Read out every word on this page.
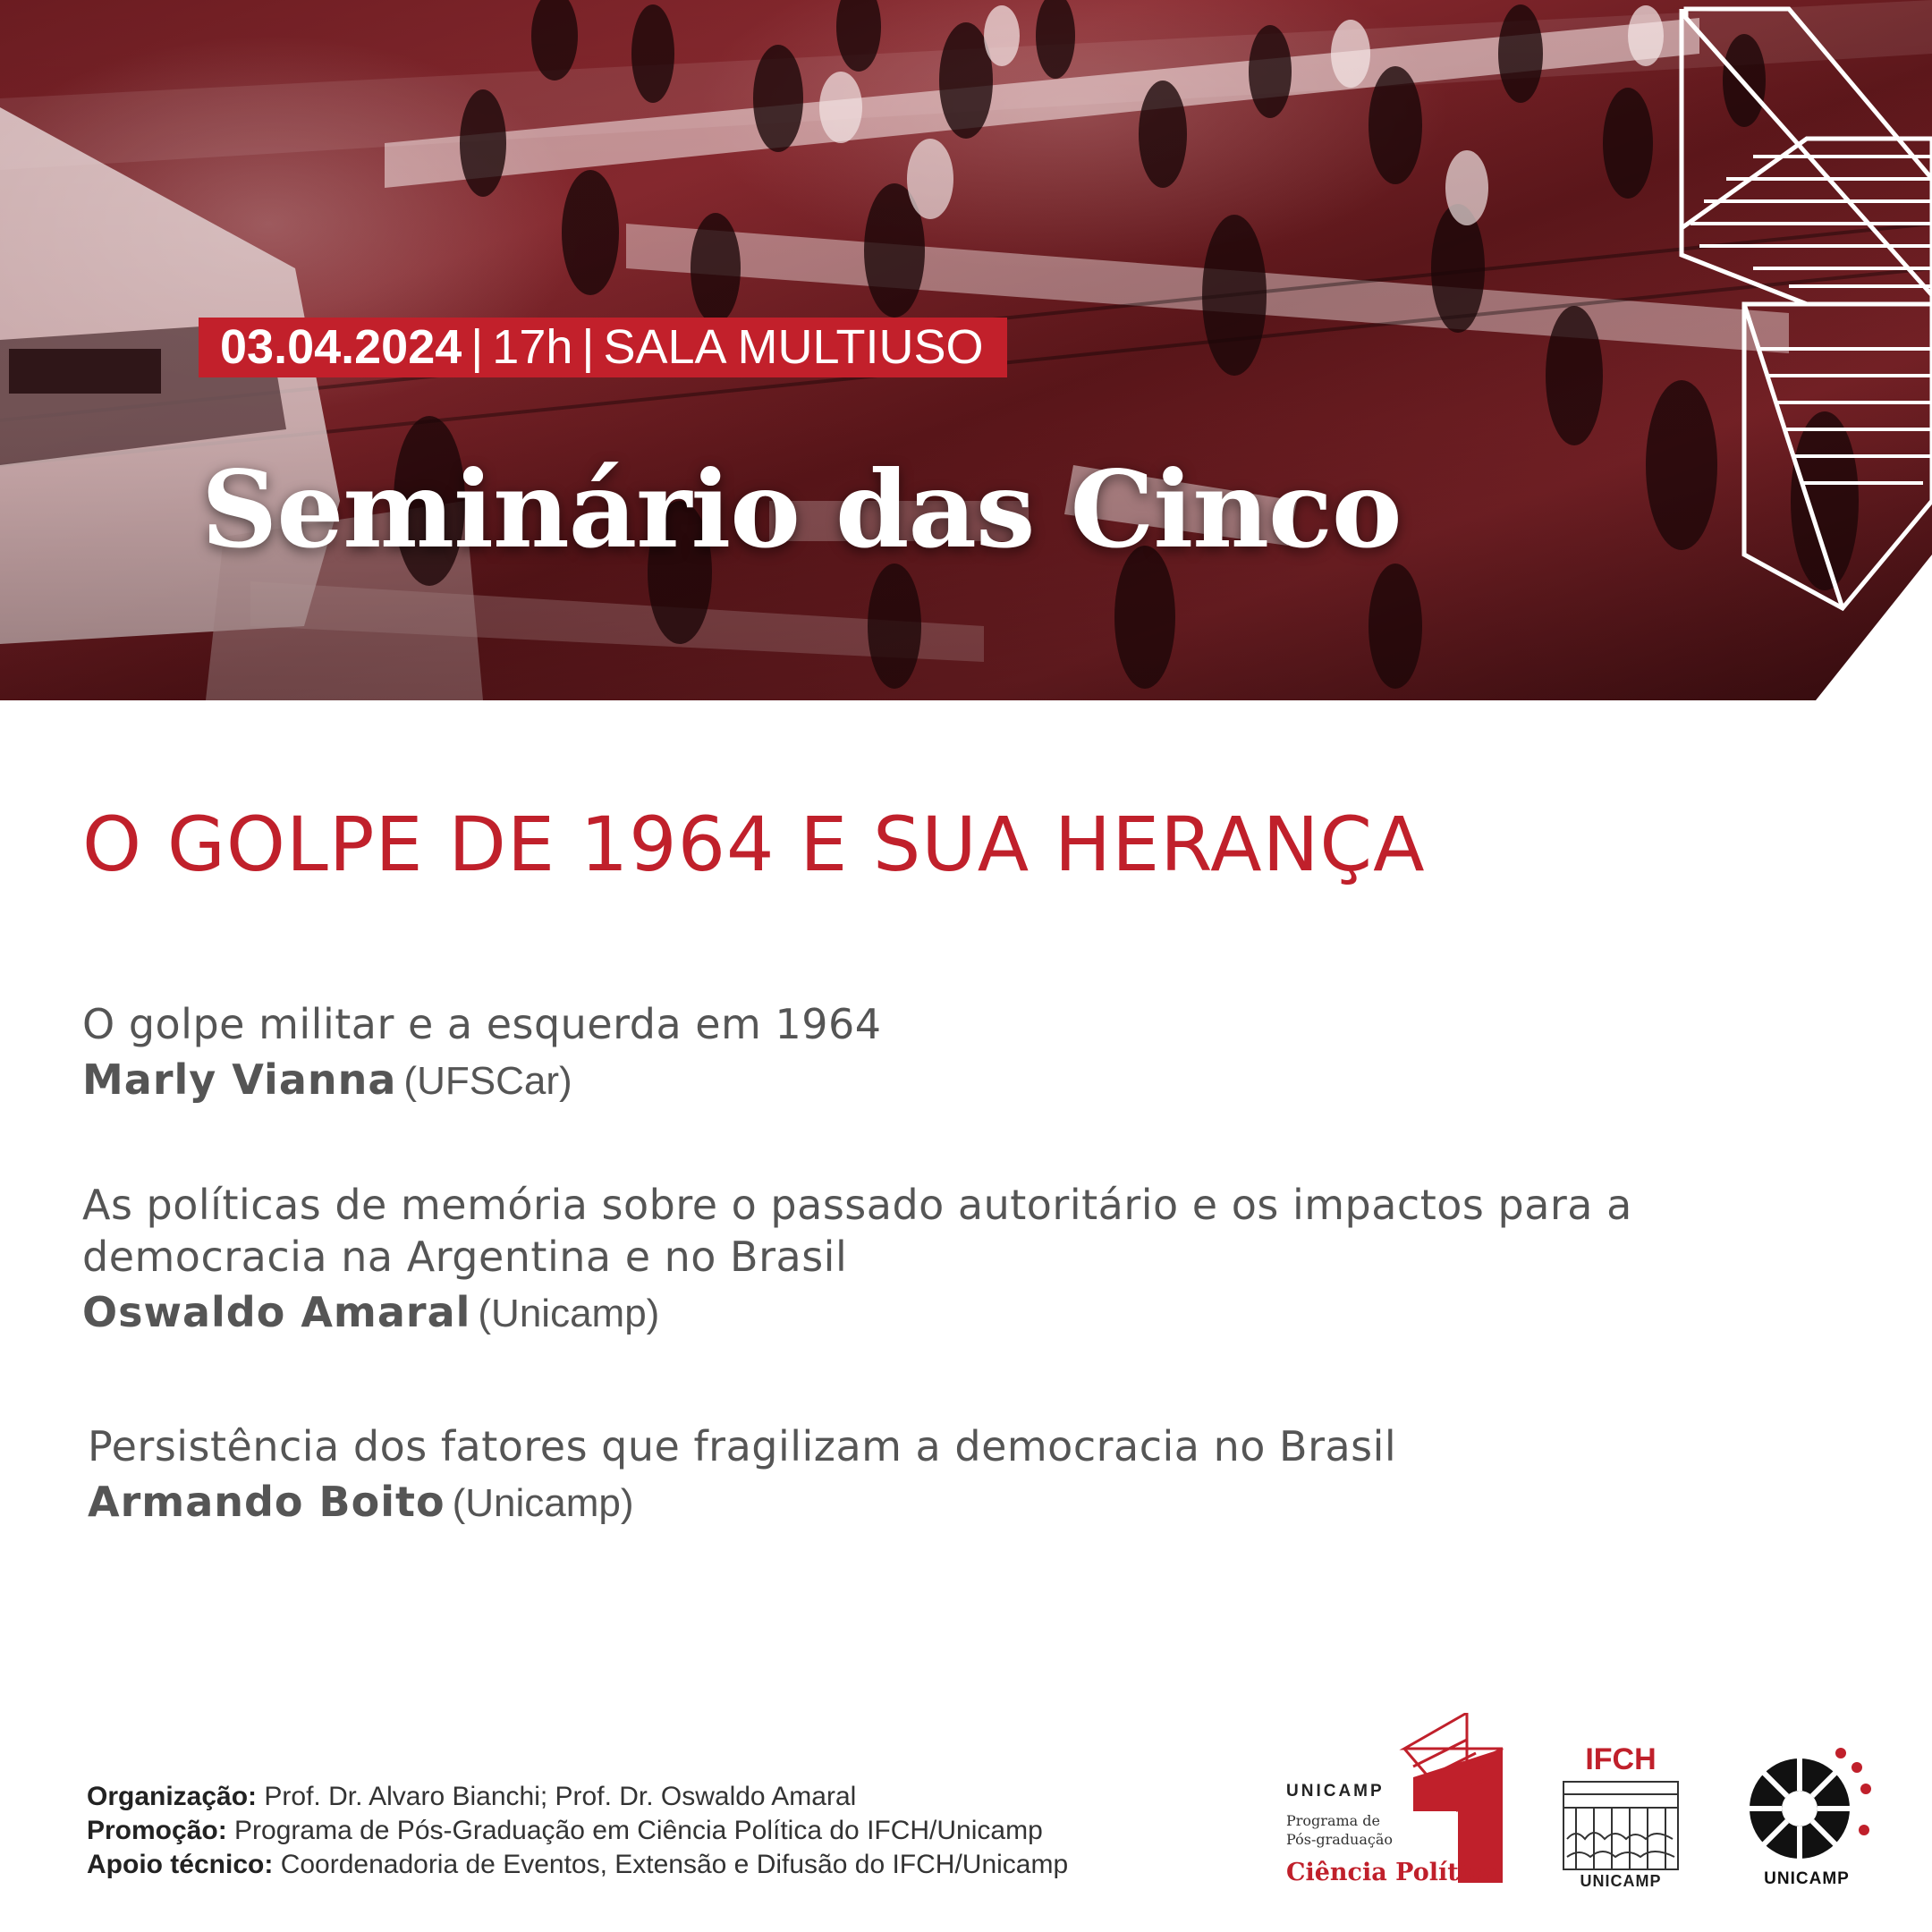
03.04.2024 | 17h | SALA MULTIUSO
Seminário das Cinco
O GOLPE DE 1964 E SUA HERANÇA
O golpe militar e a esquerda em 1964
Marly Vianna (UFSCar)
As políticas de memória sobre o passado autoritário e os impactos para a
democracia na Argentina e no Brasil
Oswaldo Amaral (Unicamp)
Persistência dos fatores que fragilizam a democracia no Brasil
Armando Boito (Unicamp)
Organização: Prof. Dr. Alvaro Bianchi; Prof. Dr. Oswaldo Amaral
Promoção: Programa de Pós-Graduação em Ciência Política do IFCH/Unicamp
Apoio técnico: Coordenadoria de Eventos, Extensão e Difusão do IFCH/Unicamp
UNICAMP
Programa de
Pós-graduação
Ciência Política
IFCH
UNICAMP	UNICAMP
